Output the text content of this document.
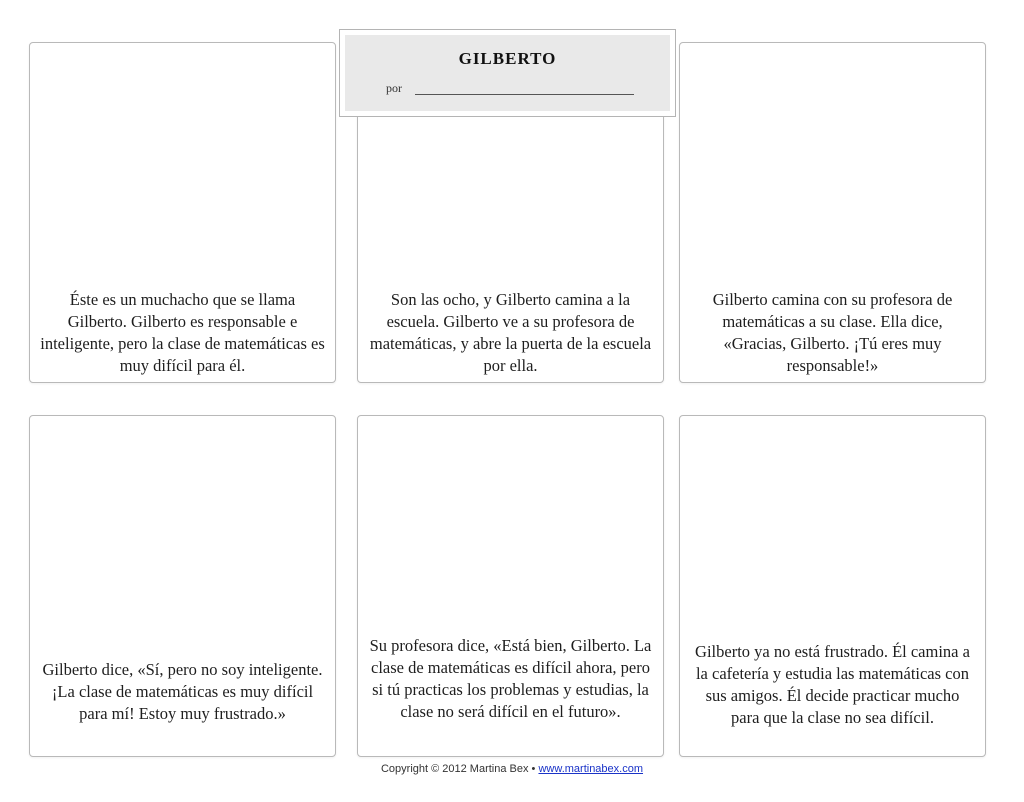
GILBERTO
por
Éste es un muchacho que se llama Gilberto. Gilberto es responsable e inteligente, pero la clase de matemáticas es muy difícil para él.
Son las ocho, y Gilberto camina a la escuela. Gilberto ve a su profesora de matemáticas, y abre la puerta de la escuela por ella.
Gilberto camina con su profesora de matemáticas a su clase. Ella dice, «Gracias, Gilberto. ¡Tú eres muy responsable!»
Gilberto dice, «Sí, pero no soy inteligente. ¡La clase de matemáticas es muy difícil para mí! Estoy muy frustrado.»
Su profesora dice, «Está bien, Gilberto. La clase de matemáticas es difícil ahora, pero si tú practicas los problemas y estudias, la clase no será difícil en el futuro».
Gilberto ya no está frustrado. Él camina a la cafetería y estudia las matemáticas con sus amigos. Él decide practicar mucho para que la clase no sea difícil.
Copyright © 2012 Martina Bex • www.martinabex.com
